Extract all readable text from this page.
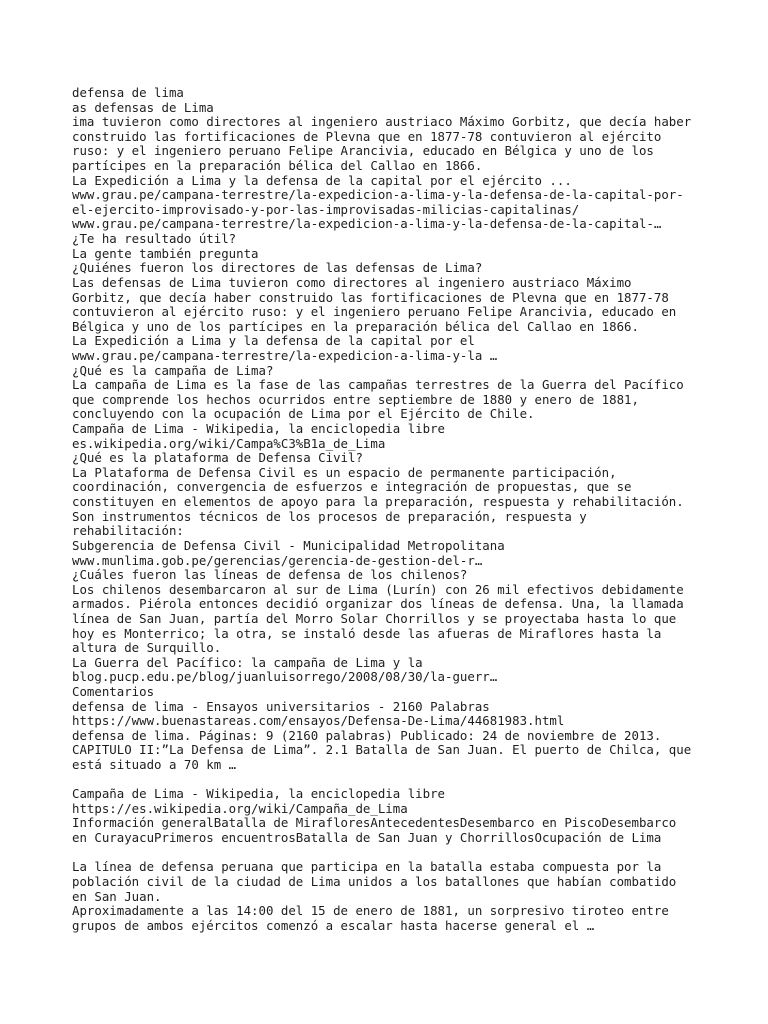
defensa de lima
as defensas de Lima
ima tuvieron como directores al ingeniero austriaco Máximo Gorbitz, que decía haber
construido las fortificaciones de Plevna que en 1877-78 contuvieron al ejército
ruso: y el ingeniero peruano Felipe Arancivia, educado en Bélgica y uno de los
partícipes en la preparación bélica del Callao en 1866.
La Expedición a Lima y la defensa de la capital por el ejército ...
www.grau.pe/campana-terrestre/la-expedicion-a-lima-y-la-defensa-de-la-capital-por-
el-ejercito-improvisado-y-por-las-improvisadas-milicias-capitalinas/
www.grau.pe/campana-terrestre/la-expedicion-a-lima-y-la-defensa-de-la-capital-…
¿Te ha resultado útil?
La gente también pregunta
¿Quiénes fueron los directores de las defensas de Lima?
Las defensas de Lima tuvieron como directores al ingeniero austriaco Máximo
Gorbitz, que decía haber construido las fortificaciones de Plevna que en 1877-78
contuvieron al ejército ruso: y el ingeniero peruano Felipe Arancivia, educado en
Bélgica y uno de los partícipes en la preparación bélica del Callao en 1866.
La Expedición a Lima y la defensa de la capital por el
www.grau.pe/campana-terrestre/la-expedicion-a-lima-y-la …
¿Qué es la campaña de Lima?
La campaña de Lima es la fase de las campañas terrestres de la Guerra del Pacífico
que comprende los hechos ocurridos entre septiembre de 1880 y enero de 1881,
concluyendo con la ocupación de Lima por el Ejército de Chile.
Campaña de Lima - Wikipedia, la enciclopedia libre
es.wikipedia.org/wiki/Campa%C3%B1a_de_Lima
¿Qué es la plataforma de Defensa Civil?
La Plataforma de Defensa Civil es un espacio de permanente participación,
coordinación, convergencia de esfuerzos e integración de propuestas, que se
constituyen en elementos de apoyo para la preparación, respuesta y rehabilitación.
Son instrumentos técnicos de los procesos de preparación, respuesta y
rehabilitación:
Subgerencia de Defensa Civil - Municipalidad Metropolitana
www.munlima.gob.pe/gerencias/gerencia-de-gestion-del-r…
¿Cuáles fueron las líneas de defensa de los chilenos?
Los chilenos desembarcaron al sur de Lima (Lurín) con 26 mil efectivos debidamente
armados. Piérola entonces decidió organizar dos líneas de defensa. Una, la llamada
línea de San Juan, partía del Morro Solar Chorrillos y se proyectaba hasta lo que
hoy es Monterrico; la otra, se instaló desde las afueras de Miraflores hasta la
altura de Surquillo.
La Guerra del Pacífico: la campaña de Lima y la
blog.pucp.edu.pe/blog/juanluisorrego/2008/08/30/la-guerr…
Comentarios
defensa de lima - Ensayos universitarios - 2160 Palabras
https://www.buenastareas.com/ensayos/Defensa-De-Lima/44681983.html
defensa de lima. Páginas: 9 (2160 palabras) Publicado: 24 de noviembre de 2013.
CAPITULO II:”La Defensa de Lima”. 2.1 Batalla de San Juan. El puerto de Chilca, que
está situado a 70 km …
Campaña de Lima - Wikipedia, la enciclopedia libre
https://es.wikipedia.org/wiki/Campaña_de_Lima
Información generalBatalla de MirafloresAntecedentesDesembarco en PiscoDesembarco
en CurayacuPrimeros encuentrosBatalla de San Juan y ChorrillosOcupación de Lima
La línea de defensa peruana que participa en la batalla estaba compuesta por la
población civil de la ciudad de Lima unidos a los batallones que habían combatido
en San Juan.
Aproximadamente a las 14:00 del 15 de enero de 1881, un sorpresivo tiroteo entre
grupos de ambos ejércitos comenzó a escalar hasta hacerse general el …
